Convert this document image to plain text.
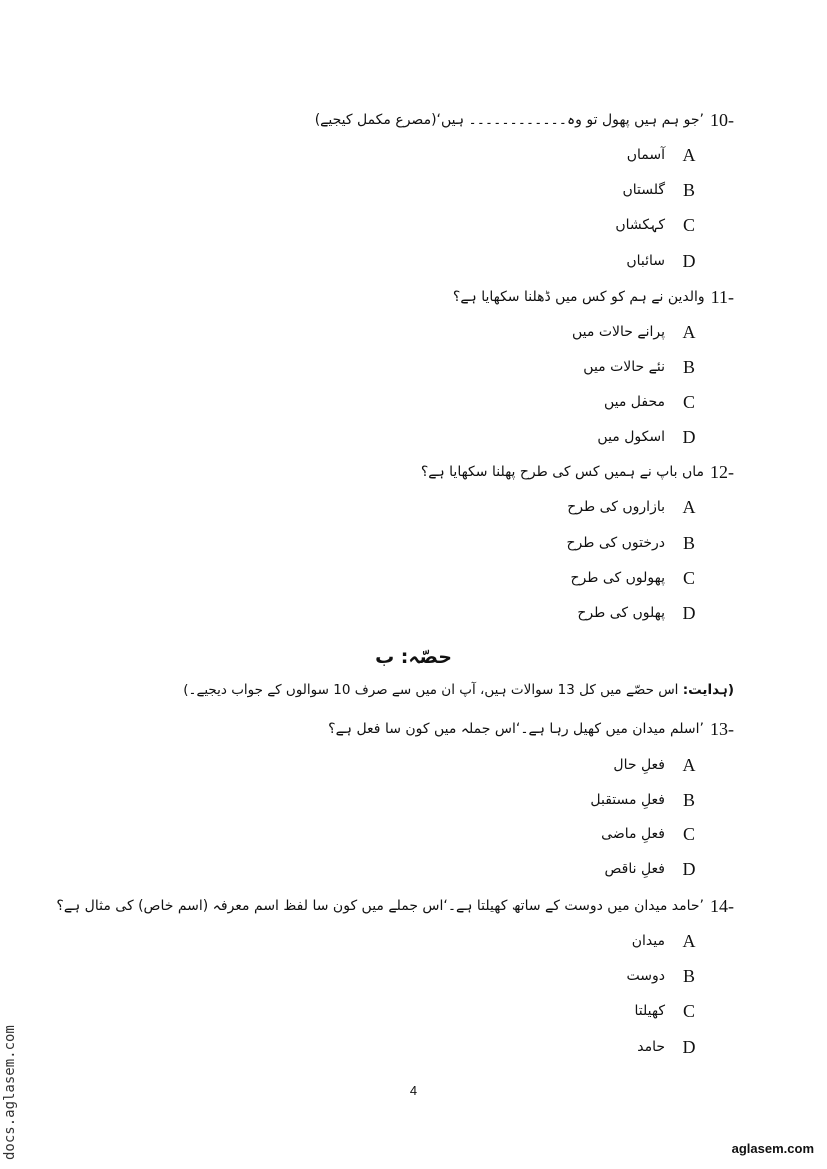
10-
’جو ہم ہیں پھول تو وہ۔۔۔۔۔۔۔۔۔۔۔۔ ہیں‘(مصرع مکمل کیجیے)
A
آسماں
B
گلستاں
C
کہکشاں
D
سائباں
11-
والدین نے ہم کو کس میں ڈھلنا سکھایا ہے؟
A
پرانے حالات میں
B
نئے حالات میں
C
محفل میں
D
اسکول میں
12-
ماں باپ نے ہمیں کس کی طرح پھلنا سکھایا ہے؟
A
بازاروں کی طرح
B
درختوں کی طرح
C
پھولوں کی طرح
D
پھلوں کی طرح
حصّہ: ب
(ہدایت: اس حصّے میں کل 13 سوالات ہیں، آپ ان میں سے صرف 10 سوالوں کے جواب دیجیے۔)
13-
’اسلم میدان میں کھیل رہا ہے۔‘اس جملہ میں کون سا فعل ہے؟
A
فعلِ حال
B
فعلِ مستقبل
C
فعلِ ماضی
D
فعلِ ناقص
14-
’حامد میدان میں دوست کے ساتھ کھیلتا ہے۔‘اس جملے میں کون سا لفظ اسم معرفہ (اسم خاص) کی مثال ہے؟
A
میدان
B
دوست
C
کھیلتا
D
حامد
4
docs.aglasem.com	aglasem.com
